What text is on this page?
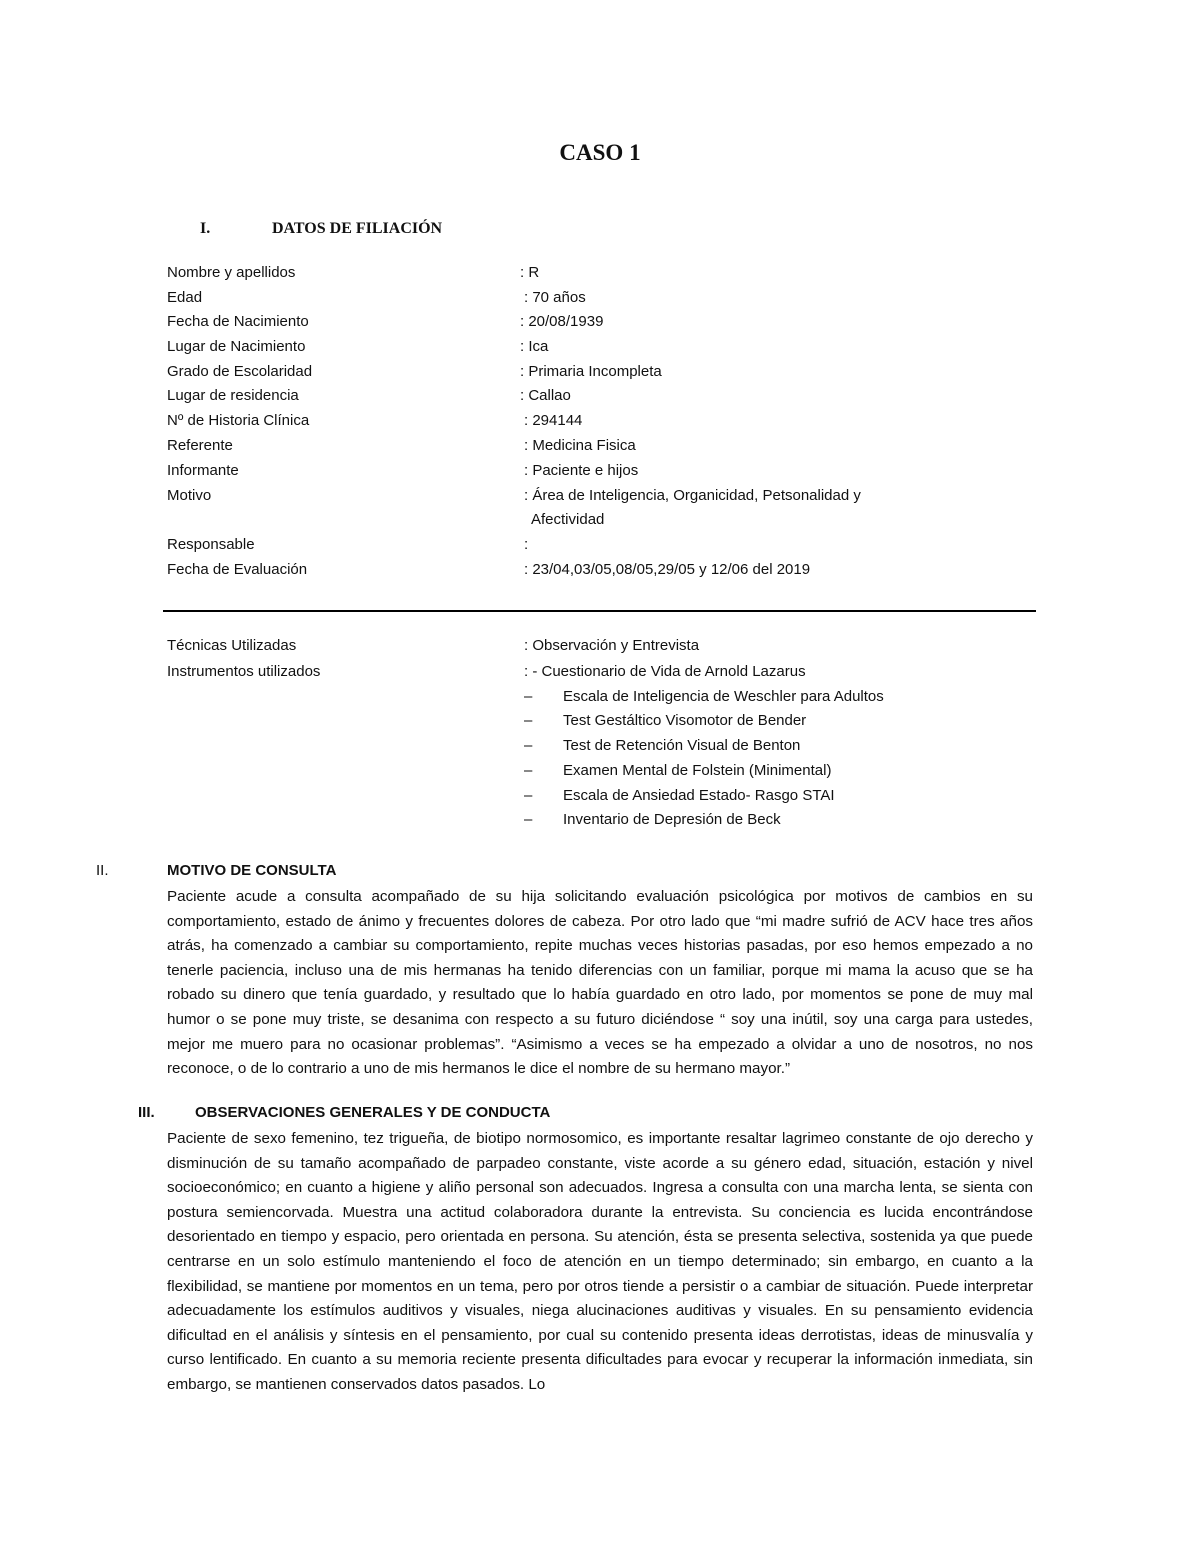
CASO 1
I.	DATOS DE FILIACIÓN
Nombre y apellidos	: R
Edad	: 70 años
Fecha de Nacimiento	: 20/08/1939
Lugar de Nacimiento	: Ica
Grado de Escolaridad	: Primaria Incompleta
Lugar de residencia	: Callao
Nº de Historia Clínica	: 294144
Referente	: Medicina Fisica
Informante	: Paciente e hijos
Motivo	: Área de Inteligencia, Organicidad, Petsonalidad y
Afectividad
Responsable	:
Fecha de Evaluación	: 23/04,03/05,08/05,29/05 y 12/06 del 2019
Técnicas Utilizadas	: Observación y Entrevista
Instrumentos utilizados	: - Cuestionario de Vida de Arnold Lazarus
– Escala de Inteligencia de Weschler para Adultos
– Test Gestáltico Visomotor de Bender
– Test de Retención Visual de Benton
– Examen Mental de Folstein (Minimental)
– Escala de Ansiedad Estado- Rasgo STAI
– Inventario de Depresión de Beck
II.	MOTIVO DE CONSULTA

Paciente acude a consulta acompañado de su hija solicitando evaluación psicológica por motivos de cambios en su comportamiento, estado de ánimo y frecuentes dolores de cabeza. Por otro lado que “mi madre sufrió de ACV hace tres años atrás, ha comenzado a cambiar su comportamiento, repite muchas veces historias pasadas, por eso hemos empezado a no tenerle paciencia, incluso una de mis hermanas ha tenido diferencias con un familiar, porque mi mama la acuso que se ha robado su dinero que tenía guardado, y resultado que lo había guardado en otro lado, por momentos se pone de muy mal humor o se pone muy triste, se desanima con respecto a su futuro diciéndose “ soy una inútil, soy una carga para ustedes, mejor me muero para no ocasionar problemas”. “Asimismo a veces se ha empezado a olvidar a uno de nosotros, no nos reconoce, o de lo contrario a uno de mis hermanos le dice el nombre de su hermano mayor.”

III.	OBSERVACIONES GENERALES Y DE CONDUCTA

Paciente de sexo femenino, tez trigueña, de biotipo normosomico, es importante resaltar lagrimeo constante de ojo derecho y disminución de su tamaño acompañado de parpadeo constante, viste acorde a su género edad, situación, estación y nivel socioeconómico; en cuanto a higiene y aliño personal son adecuados. Ingresa a consulta con una marcha lenta, se sienta con postura semiencorvada. Muestra una actitud colaboradora durante la entrevista. Su conciencia es lucida encontrándose desorientado en tiempo y espacio, pero orientada en persona. Su atención, ésta se presenta selectiva, sostenida ya que puede centrarse en un solo estímulo manteniendo el foco de atención en un tiempo determinado; sin embargo, en cuanto a la flexibilidad, se mantiene por momentos en un tema, pero por otros tiende a persistir o a cambiar de situación. Puede interpretar adecuadamente los estímulos auditivos y visuales, niega alucinaciones auditivas y visuales. En su pensamiento evidencia dificultad en el análisis y síntesis en el pensamiento, por cual su contenido presenta ideas derrotistas, ideas de minusvalía y curso lentificado. En cuanto a su memoria reciente presenta dificultades para evocar y recuperar la información inmediata, sin embargo, se mantienen conservados datos pasados. Lo
